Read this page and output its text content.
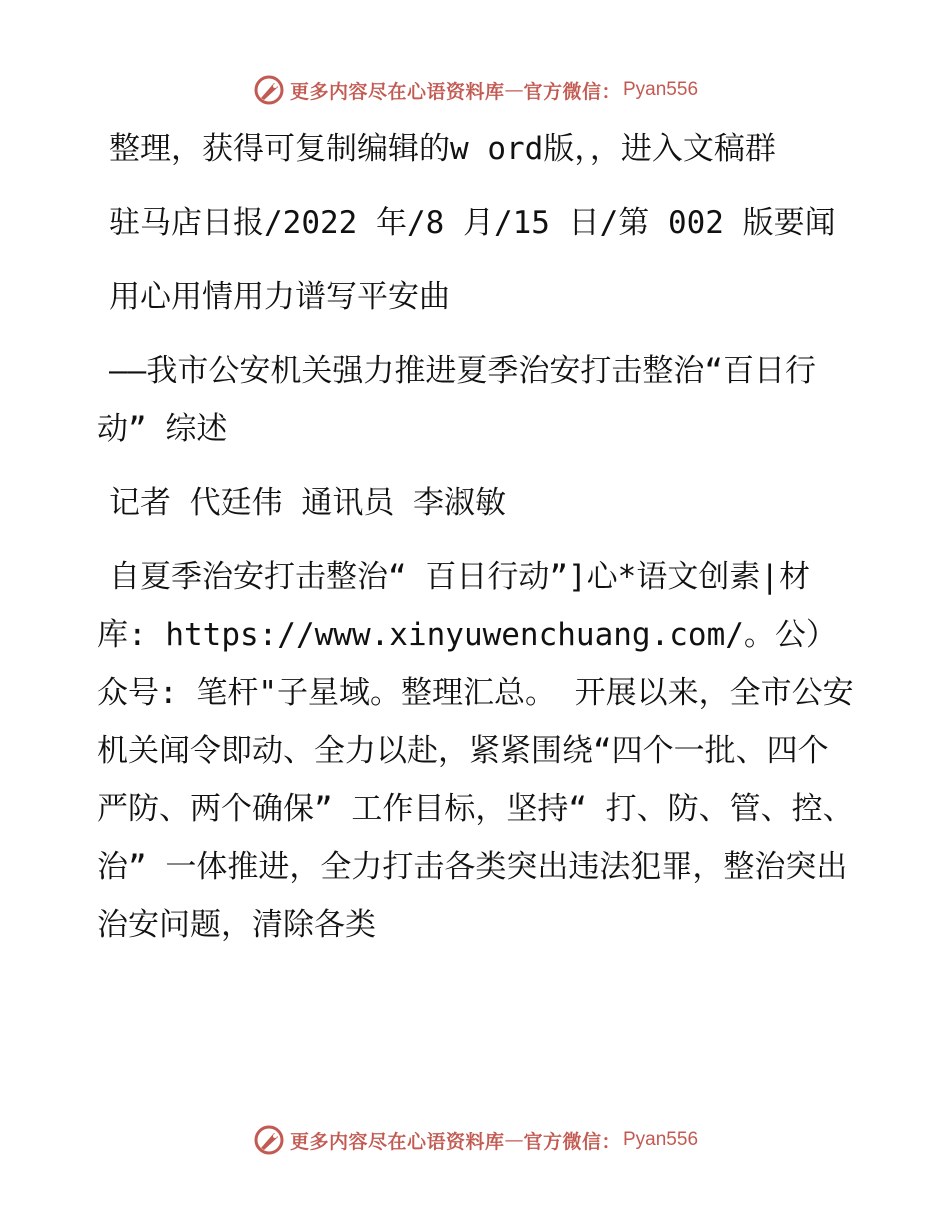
更多内容尽在心语资料库 — 官方微信： Pyan556

整理，获得可复制编辑的w ord版，，进入文稿群

驻马店日报/2022 年/8 月/15 日/第 002 版要闻

用心用情用力谱写平安曲

——我市公安机关强力推进夏季治安打击整治“百日行动” 综述

记者 代廷伟 通讯员 李淑敏

自夏季治安打击整治“ 百日行动”]心*语文创素|材库: https://www.xinyuwenchuang.com/。公）众号: 笔杆"子星域。整理汇总。 开展以来，全市公安机关闻令即动、全力以赴，紧紧围绕“四个一批、四个严防、两个确保” 工作目标，坚持“ 打、防、管、控、治” 一体推进，全力打击各类突出违法犯罪，整治突出治安问题，清除各类

更多内容尽在心语资料库 — 官方微信： Pyan556
